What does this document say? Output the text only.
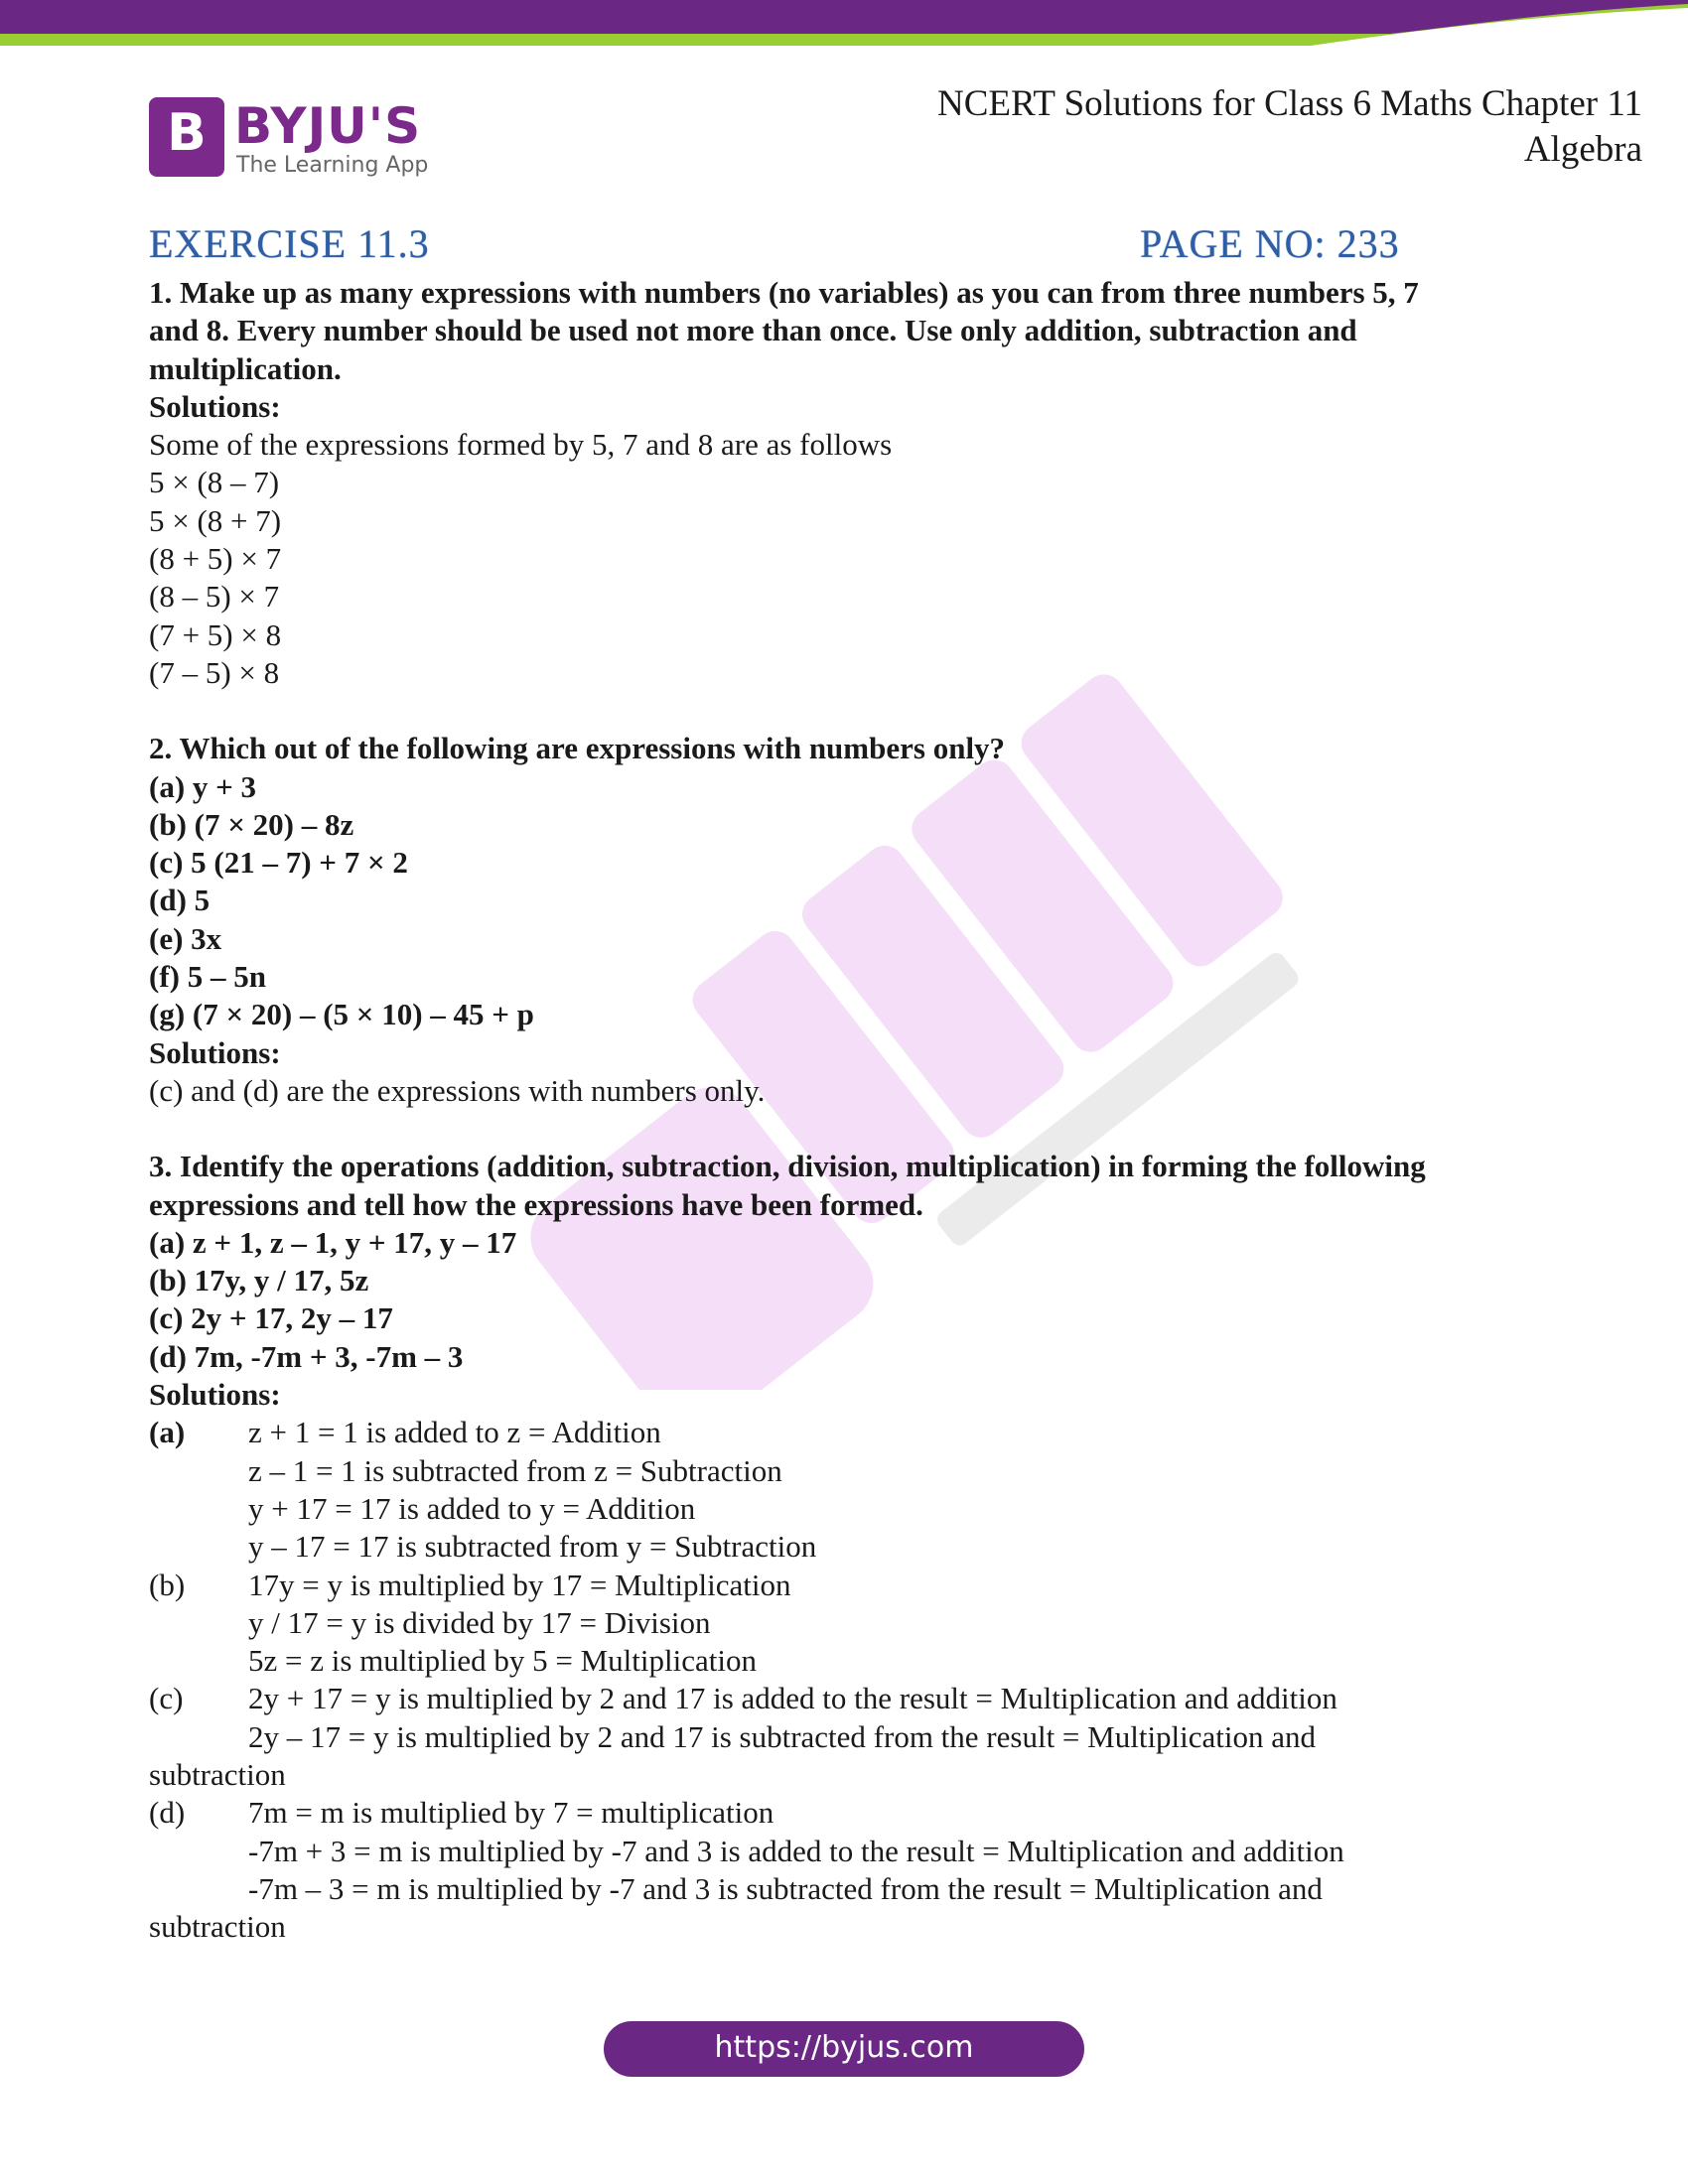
B BYJU'S
The Learning App
NCERT Solutions for Class 6 Maths Chapter 11
Algebra
EXERCISE 11.3	PAGE NO: 233
1. Make up as many expressions with numbers (no variables) as you can from three numbers 5, 7
and 8. Every number should be used not more than once. Use only addition, subtraction and
multiplication.
Solutions:
Some of the expressions formed by 5, 7 and 8 are as follows
5 × (8 – 7)
5 × (8 + 7)
(8 + 5) × 7
(8 – 5) × 7
(7 + 5) × 8
(7 – 5) × 8
2. Which out of the following are expressions with numbers only?
(a) y + 3
(b) (7 × 20) – 8z
(c) 5 (21 – 7) + 7 × 2
(d) 5
(e) 3x
(f) 5 – 5n
(g) (7 × 20) – (5 × 10) – 45 + p
Solutions:
(c) and (d) are the expressions with numbers only.
3. Identify the operations (addition, subtraction, division, multiplication) in forming the following
expressions and tell how the expressions have been formed.
(a) z + 1, z – 1, y + 17, y – 17
(b) 17y, y / 17, 5z
(c) 2y + 17, 2y – 17
(d) 7m, -7m + 3, -7m – 3
Solutions:
(a) z + 1 = 1 is added to z = Addition
z – 1 = 1 is subtracted from z = Subtraction
y + 17 = 17 is added to y = Addition
y – 17 = 17 is subtracted from y = Subtraction
(b) 17y = y is multiplied by 17 = Multiplication
y / 17 = y is divided by 17 = Division
5z = z is multiplied by 5 = Multiplication
(c) 2y + 17 = y is multiplied by 2 and 17 is added to the result = Multiplication and addition
2y – 17 = y is multiplied by 2 and 17 is subtracted from the result = Multiplication and
subtraction
(d) 7m = m is multiplied by 7 = multiplication
-7m + 3 = m is multiplied by -7 and 3 is added to the result = Multiplication and addition
-7m – 3 = m is multiplied by -7 and 3 is subtracted from the result = Multiplication and
subtraction
https://byjus.com
